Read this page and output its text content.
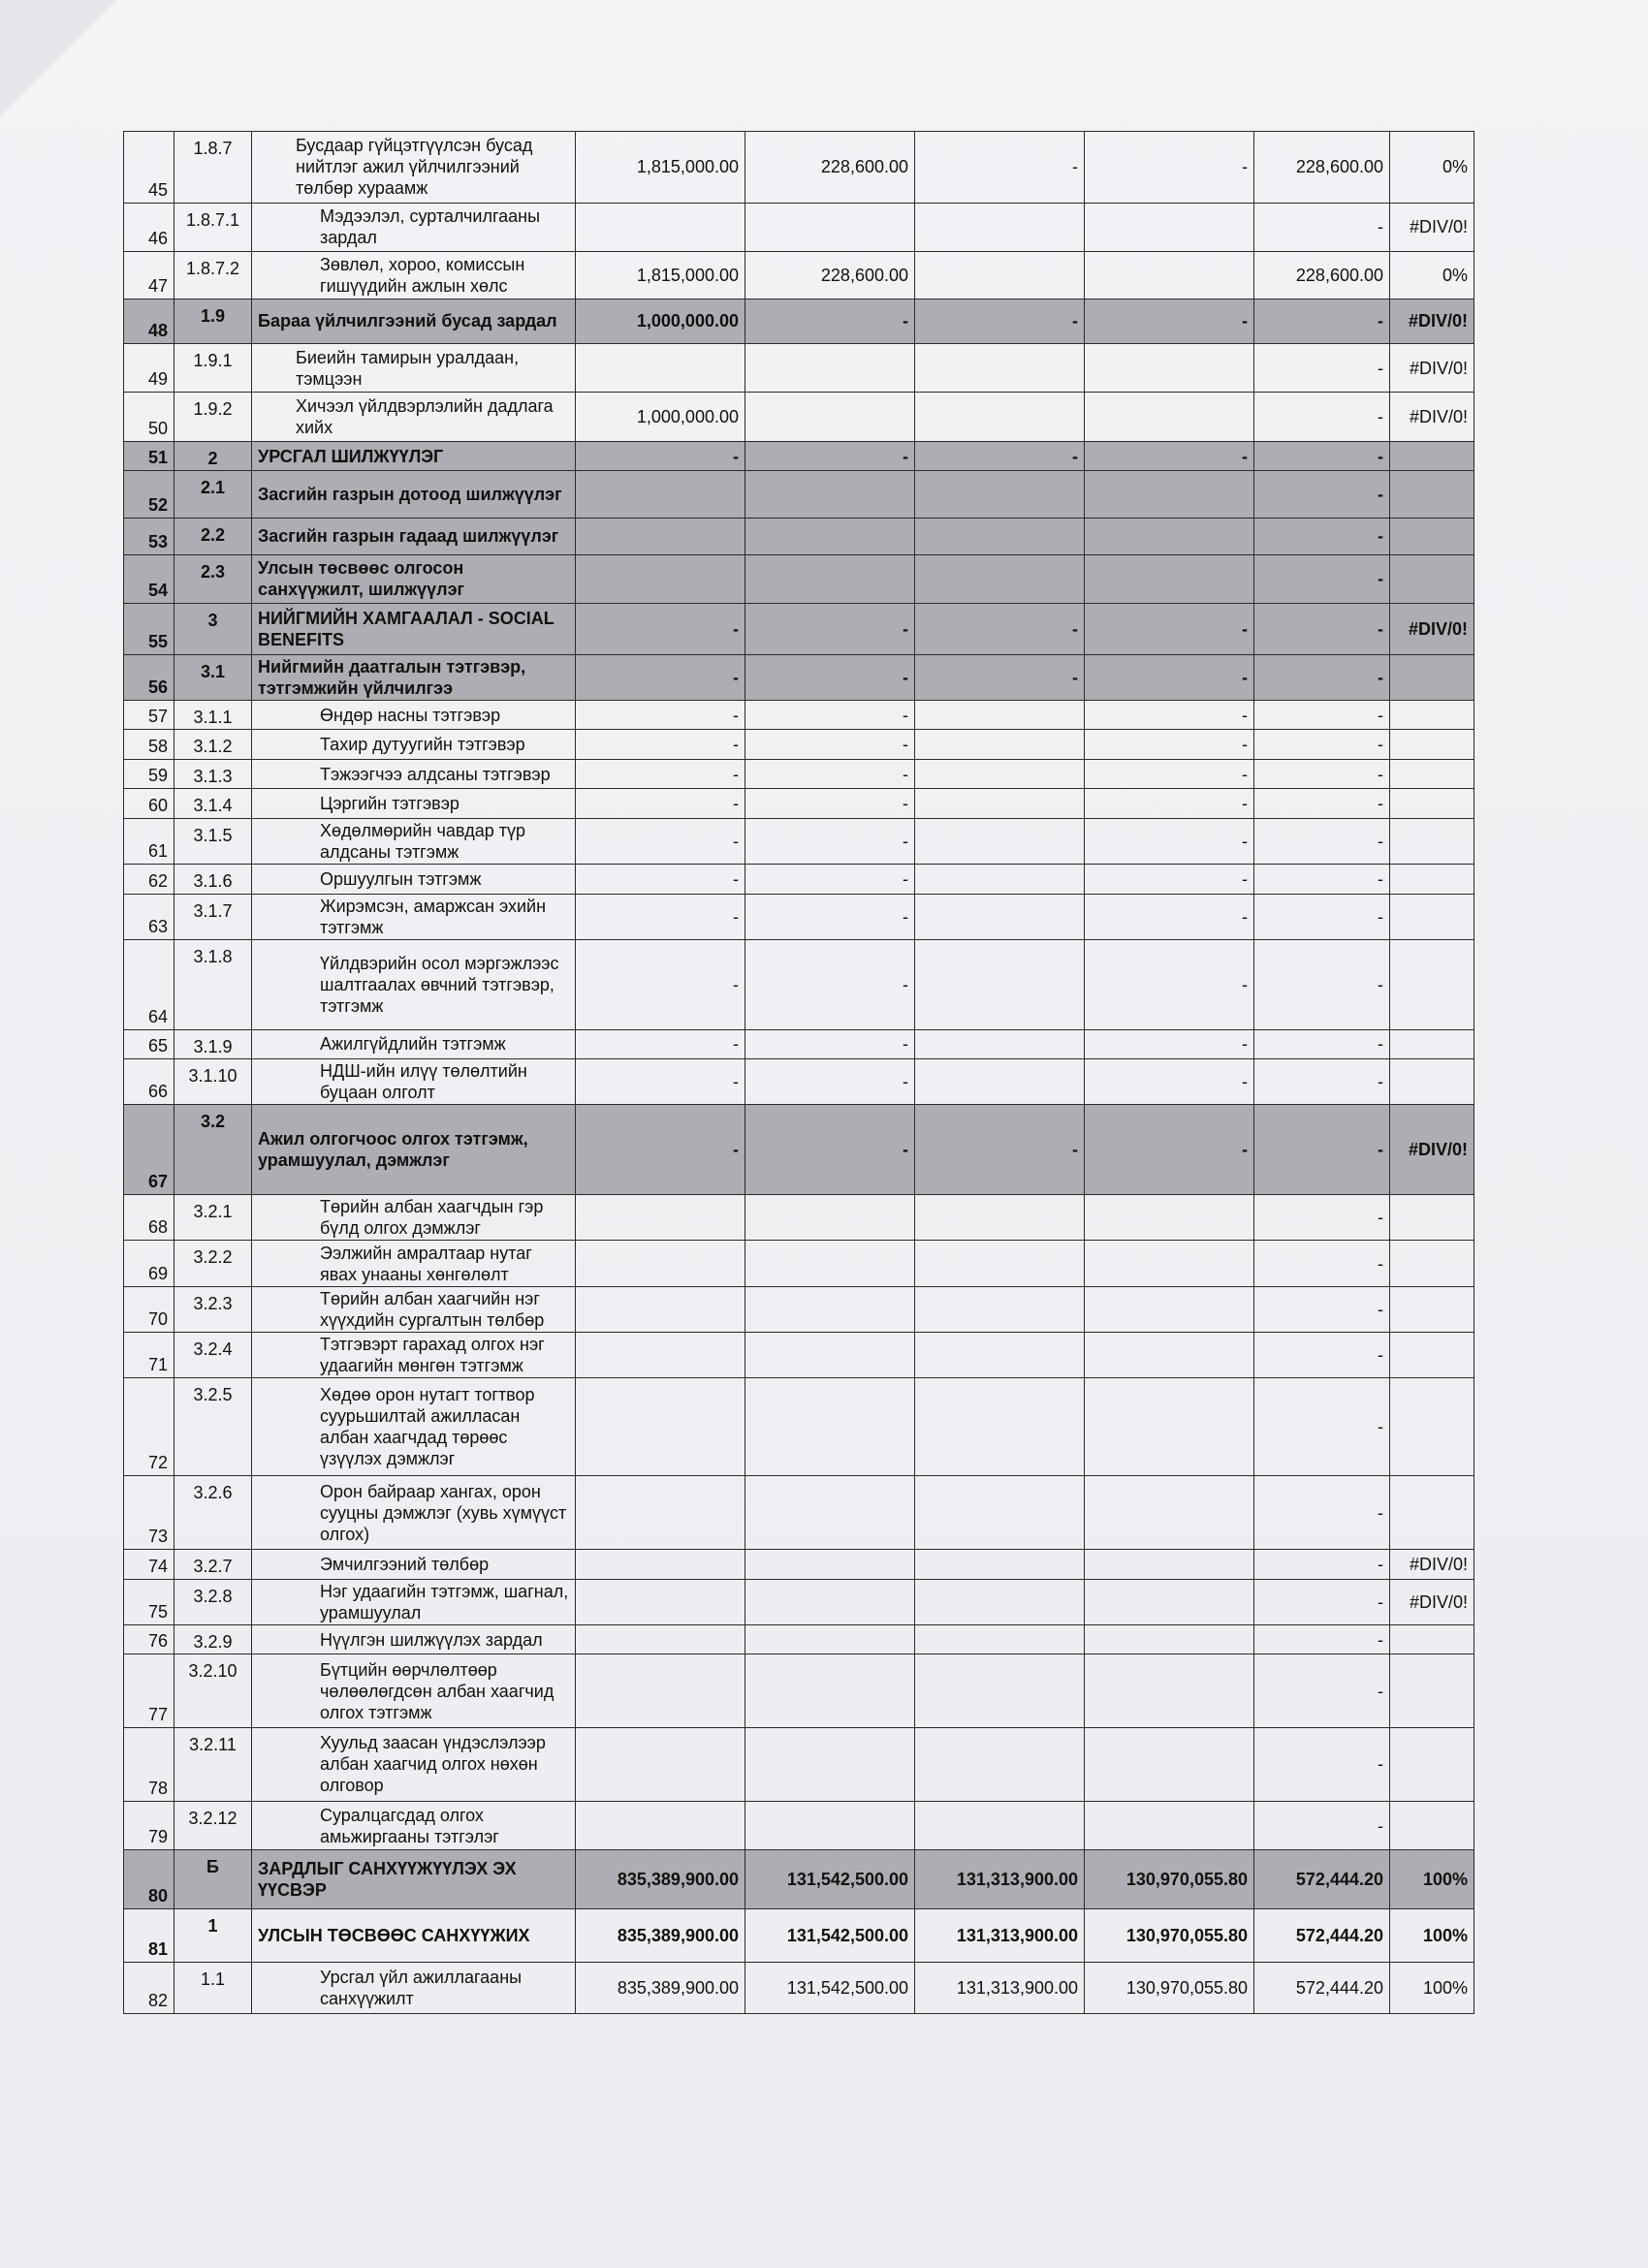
45	1.8.7	Бусдаар гүйцэтгүүлсэн бусад нийтлэг ажил үйлчилгээний төлбөр хураамж	1,815,000.00	228,600.00	-	-	228,600.00	0%
46	1.8.7.1	Мэдээлэл, сурталчилгааны зардал					-	#DIV/0!
47	1.8.7.2	Зөвлөл, хороо, комиссын гишүүдийн ажлын хөлс	1,815,000.00	228,600.00			228,600.00	0%
48	1.9	Бараа үйлчилгээний бусад зардал	1,000,000.00	-	-	-	-	#DIV/0!
49	1.9.1	Биеийн тамирын уралдаан, тэмцээн					-	#DIV/0!
50	1.9.2	Хичээл үйлдвэрлэлийн дадлага хийх	1,000,000.00				-	#DIV/0!
51	2	УРСГАЛ ШИЛЖҮҮЛЭГ	-	-	-	-	-	
52	2.1	Засгийн газрын дотоод шилжүүлэг					-	
53	2.2	Засгийн газрын гадаад шилжүүлэг					-	
54	2.3	Улсын төсвөөс олгосон санхүүжилт, шилжүүлэг					-	
55	3	НИЙГМИЙН ХАМГААЛАЛ - SOCIAL BENEFITS	-	-	-	-	-	#DIV/0!
56	3.1	Нийгмийн даатгалын тэтгэвэр, тэтгэмжийн үйлчилгээ	-	-	-	-	-	
57	3.1.1	Өндөр насны тэтгэвэр	-	-		-	-	
58	3.1.2	Тахир дутуугийн тэтгэвэр	-	-		-	-	
59	3.1.3	Тэжээгчээ алдсаны тэтгэвэр	-	-		-	-	
60	3.1.4	Цэргийн тэтгэвэр	-	-		-	-	
61	3.1.5	Хөдөлмөрийн чавдар түр алдсаны тэтгэмж	-	-		-	-	
62	3.1.6	Оршуулгын тэтгэмж	-	-		-	-	
63	3.1.7	Жирэмсэн, амаржсан эхийн тэтгэмж	-	-		-	-	
64	3.1.8	Үйлдвэрийн осол мэргэжлээс шалтгаалах өвчний тэтгэвэр, тэтгэмж	-	-		-	-	
65	3.1.9	Ажилгүйдлийн тэтгэмж	-	-		-	-	
66	3.1.10	НДШ-ийн илүү төлөлтийн буцаан олголт	-	-		-	-	
67	3.2	Ажил олгогчоос олгох тэтгэмж, урамшуулал, дэмжлэг	-	-	-	-	-	#DIV/0!
68	3.2.1	Төрийн албан хаагчдын гэр бүлд олгох дэмжлэг					-	
69	3.2.2	Ээлжийн амралтаар нутаг явах унааны хөнгөлөлт					-	
70	3.2.3	Төрийн албан хаагчийн нэг хүүхдийн сургалтын төлбөр					-	
71	3.2.4	Тэтгэвэрт гарахад олгох нэг удаагийн мөнгөн тэтгэмж					-	
72	3.2.5	Хөдөө орон нутагт тогтвор суурьшилтай ажилласан албан хаагчдад төрөөс үзүүлэх дэмжлэг					-	
73	3.2.6	Орон байраар хангах, орон сууцны дэмжлэг (хувь хүмүүст олгох)					-	
74	3.2.7	Эмчилгээний төлбөр					-	#DIV/0!
75	3.2.8	Нэг удаагийн тэтгэмж, шагнал, урамшуулал					-	#DIV/0!
76	3.2.9	Нүүлгэн шилжүүлэх зардал					-	
77	3.2.10	Бүтцийн өөрчлөлтөөр чөлөөлөгдсөн албан хаагчид олгох тэтгэмж					-	
78	3.2.11	Хуульд заасан үндэслэлээр албан хаагчид олгох нөхөн олговор					-	
79	3.2.12	Суралцагсдад олгох амьжиргааны тэтгэлэг					-	
80	Б	ЗАРДЛЫГ САНХҮҮЖҮҮЛЭХ ЭХ ҮҮСВЭР	835,389,900.00	131,542,500.00	131,313,900.00	130,970,055.80	572,444.20	100%
81	1	УЛСЫН ТӨСВӨӨС САНХҮҮЖИХ	835,389,900.00	131,542,500.00	131,313,900.00	130,970,055.80	572,444.20	100%
82	1.1	Урсгал үйл ажиллагааны санхүүжилт	835,389,900.00	131,542,500.00	131,313,900.00	130,970,055.80	572,444.20	100%
